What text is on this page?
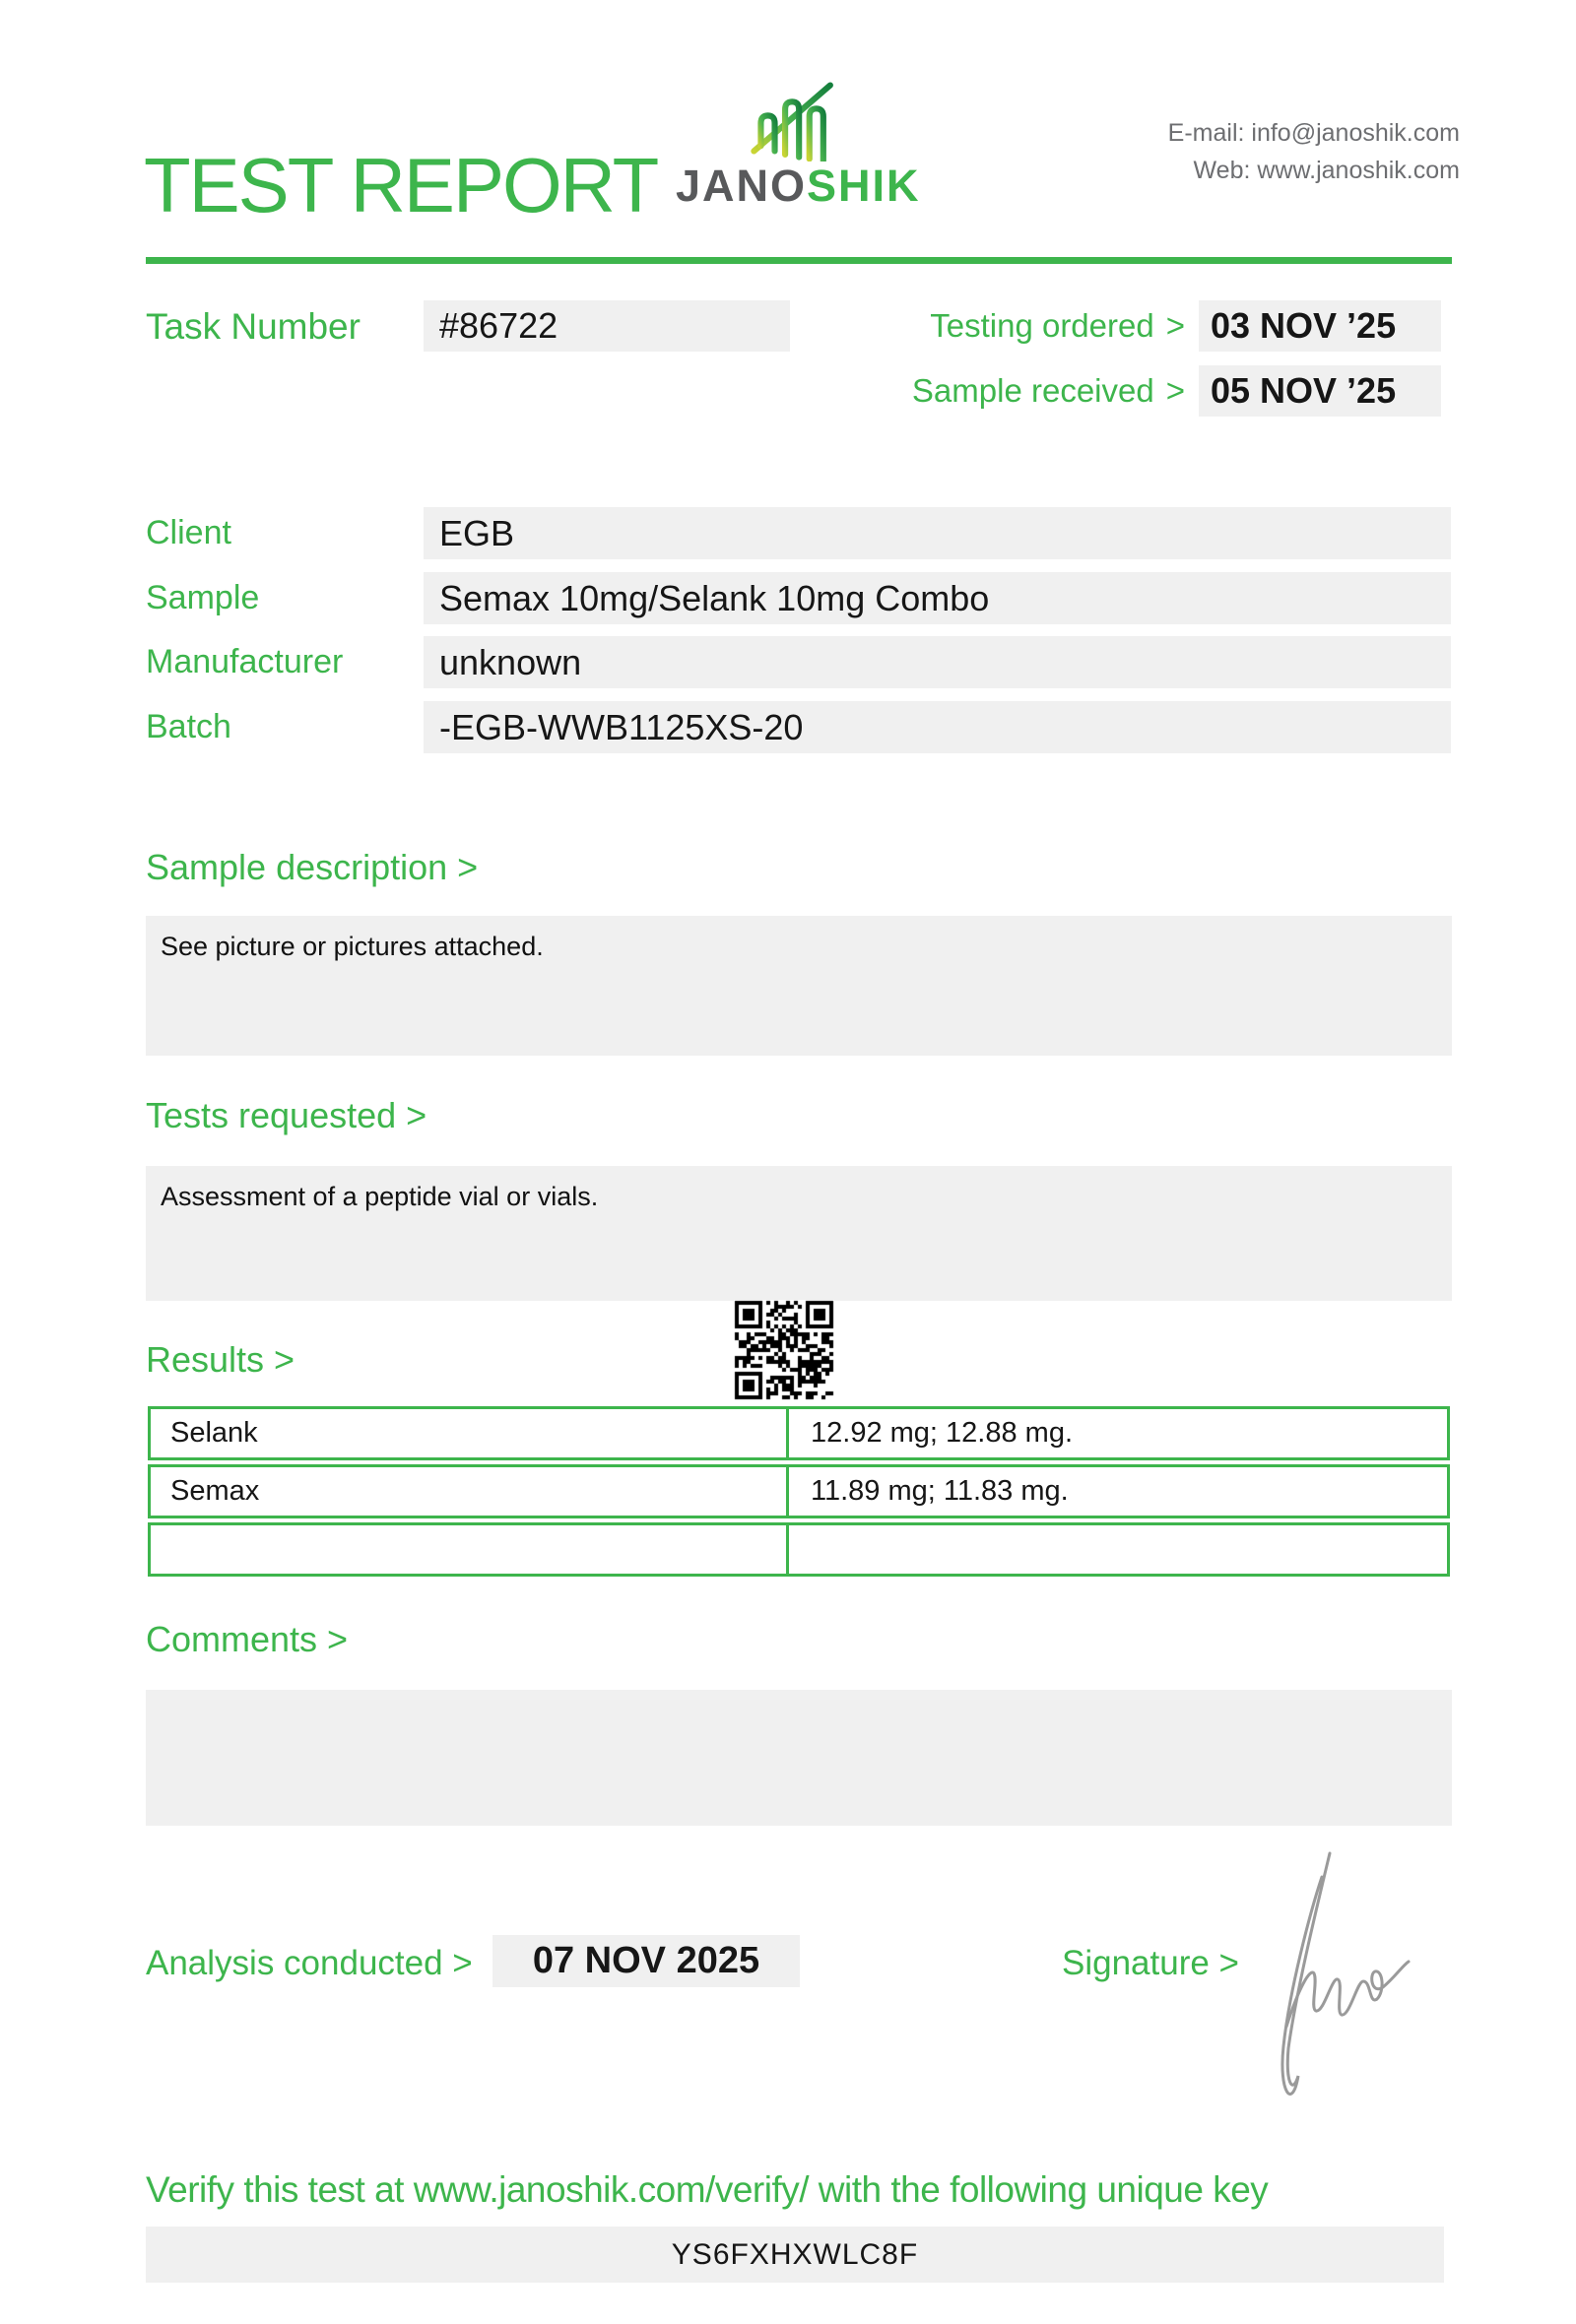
TEST REPORT JANOSHIK
E-mail: info@janoshik.com
Web: www.janoshik.com
Task Number	#86722	Testing ordered > 03 NOV ’25
Sample received > 05 NOV ’25
Client	EGB
Sample	Semax 10mg/Selank 10mg Combo
Manufacturer	unknown
Batch	-EGB-WWB1125XS-20
Sample description >
See picture or pictures attached.
Tests requested >
Assessment of a peptide vial or vials.
Results >
Selank	12.92 mg; 12.88 mg.
Semax	11.89 mg; 11.83 mg.
Comments >
Analysis conducted >	07 NOV 2025	Signature >
Verify this test at www.janoshik.com/verify/ with the following unique key
YS6FXHXWLC8F
